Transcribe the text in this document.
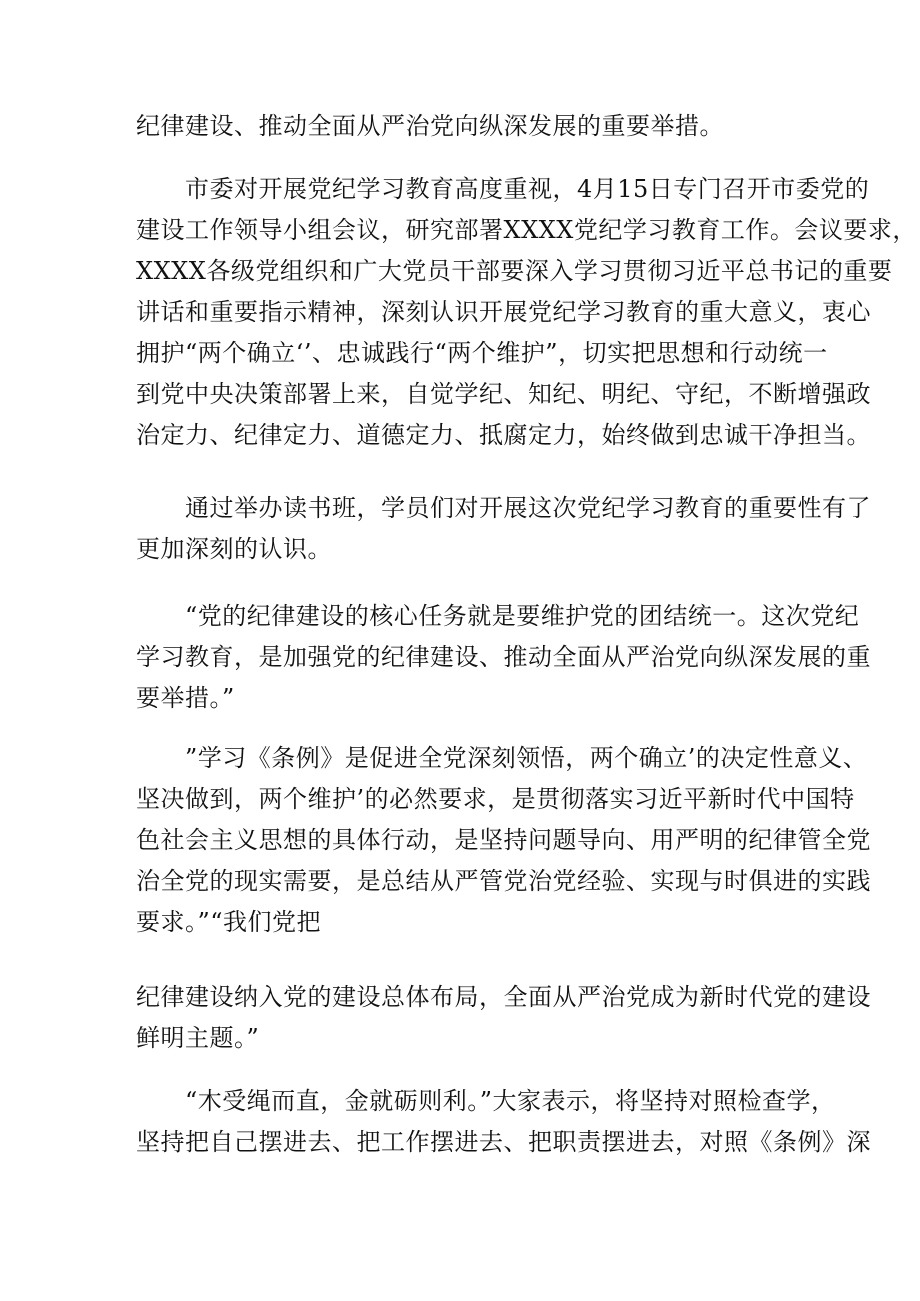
纪律建设、推动全面从严治党向纵深发展的重要举措。

　　市委对开展党纪学习教育高度重视，4月15日专门召开市委党的
建设工作领导小组会议，研究部署XXXX党纪学习教育工作。会议要求，
XXXX各级党组织和广大党员干部要深入学习贯彻习近平总书记的重要
讲话和重要指示精神，深刻认识开展党纪学习教育的重大意义，衷心
拥护“两个确立‘’、忠诚践行“两个维护”，切实把思想和行动统一
到党中央决策部署上来，自觉学纪、知纪、明纪、守纪，不断增强政
治定力、纪律定力、道德定力、抵腐定力，始终做到忠诚干净担当。

　　通过举办读书班，学员们对开展这次党纪学习教育的重要性有了
更加深刻的认识。

　　“党的纪律建设的核心任务就是要维护党的团结统一。这次党纪
学习教育，是加强党的纪律建设、推动全面从严治党向纵深发展的重
要举措。”

　　”学习《条例》是促进全党深刻领悟，两个确立’的决定性意义、
坚决做到，两个维护’的必然要求，是贯彻落实习近平新时代中国特
色社会主义思想的具体行动，是坚持问题导向、用严明的纪律管全党
治全党的现实需要，是总结从严管党治党经验、实现与时俱进的实践
要求。”“我们党把

纪律建设纳入党的建设总体布局，全面从严治党成为新时代党的建设
鲜明主题。”

　　“木受绳而直，金就砺则利。”大家表示，将坚持对照检查学，
坚持把自己摆进去、把工作摆进去、把职责摆进去，对照《条例》深
